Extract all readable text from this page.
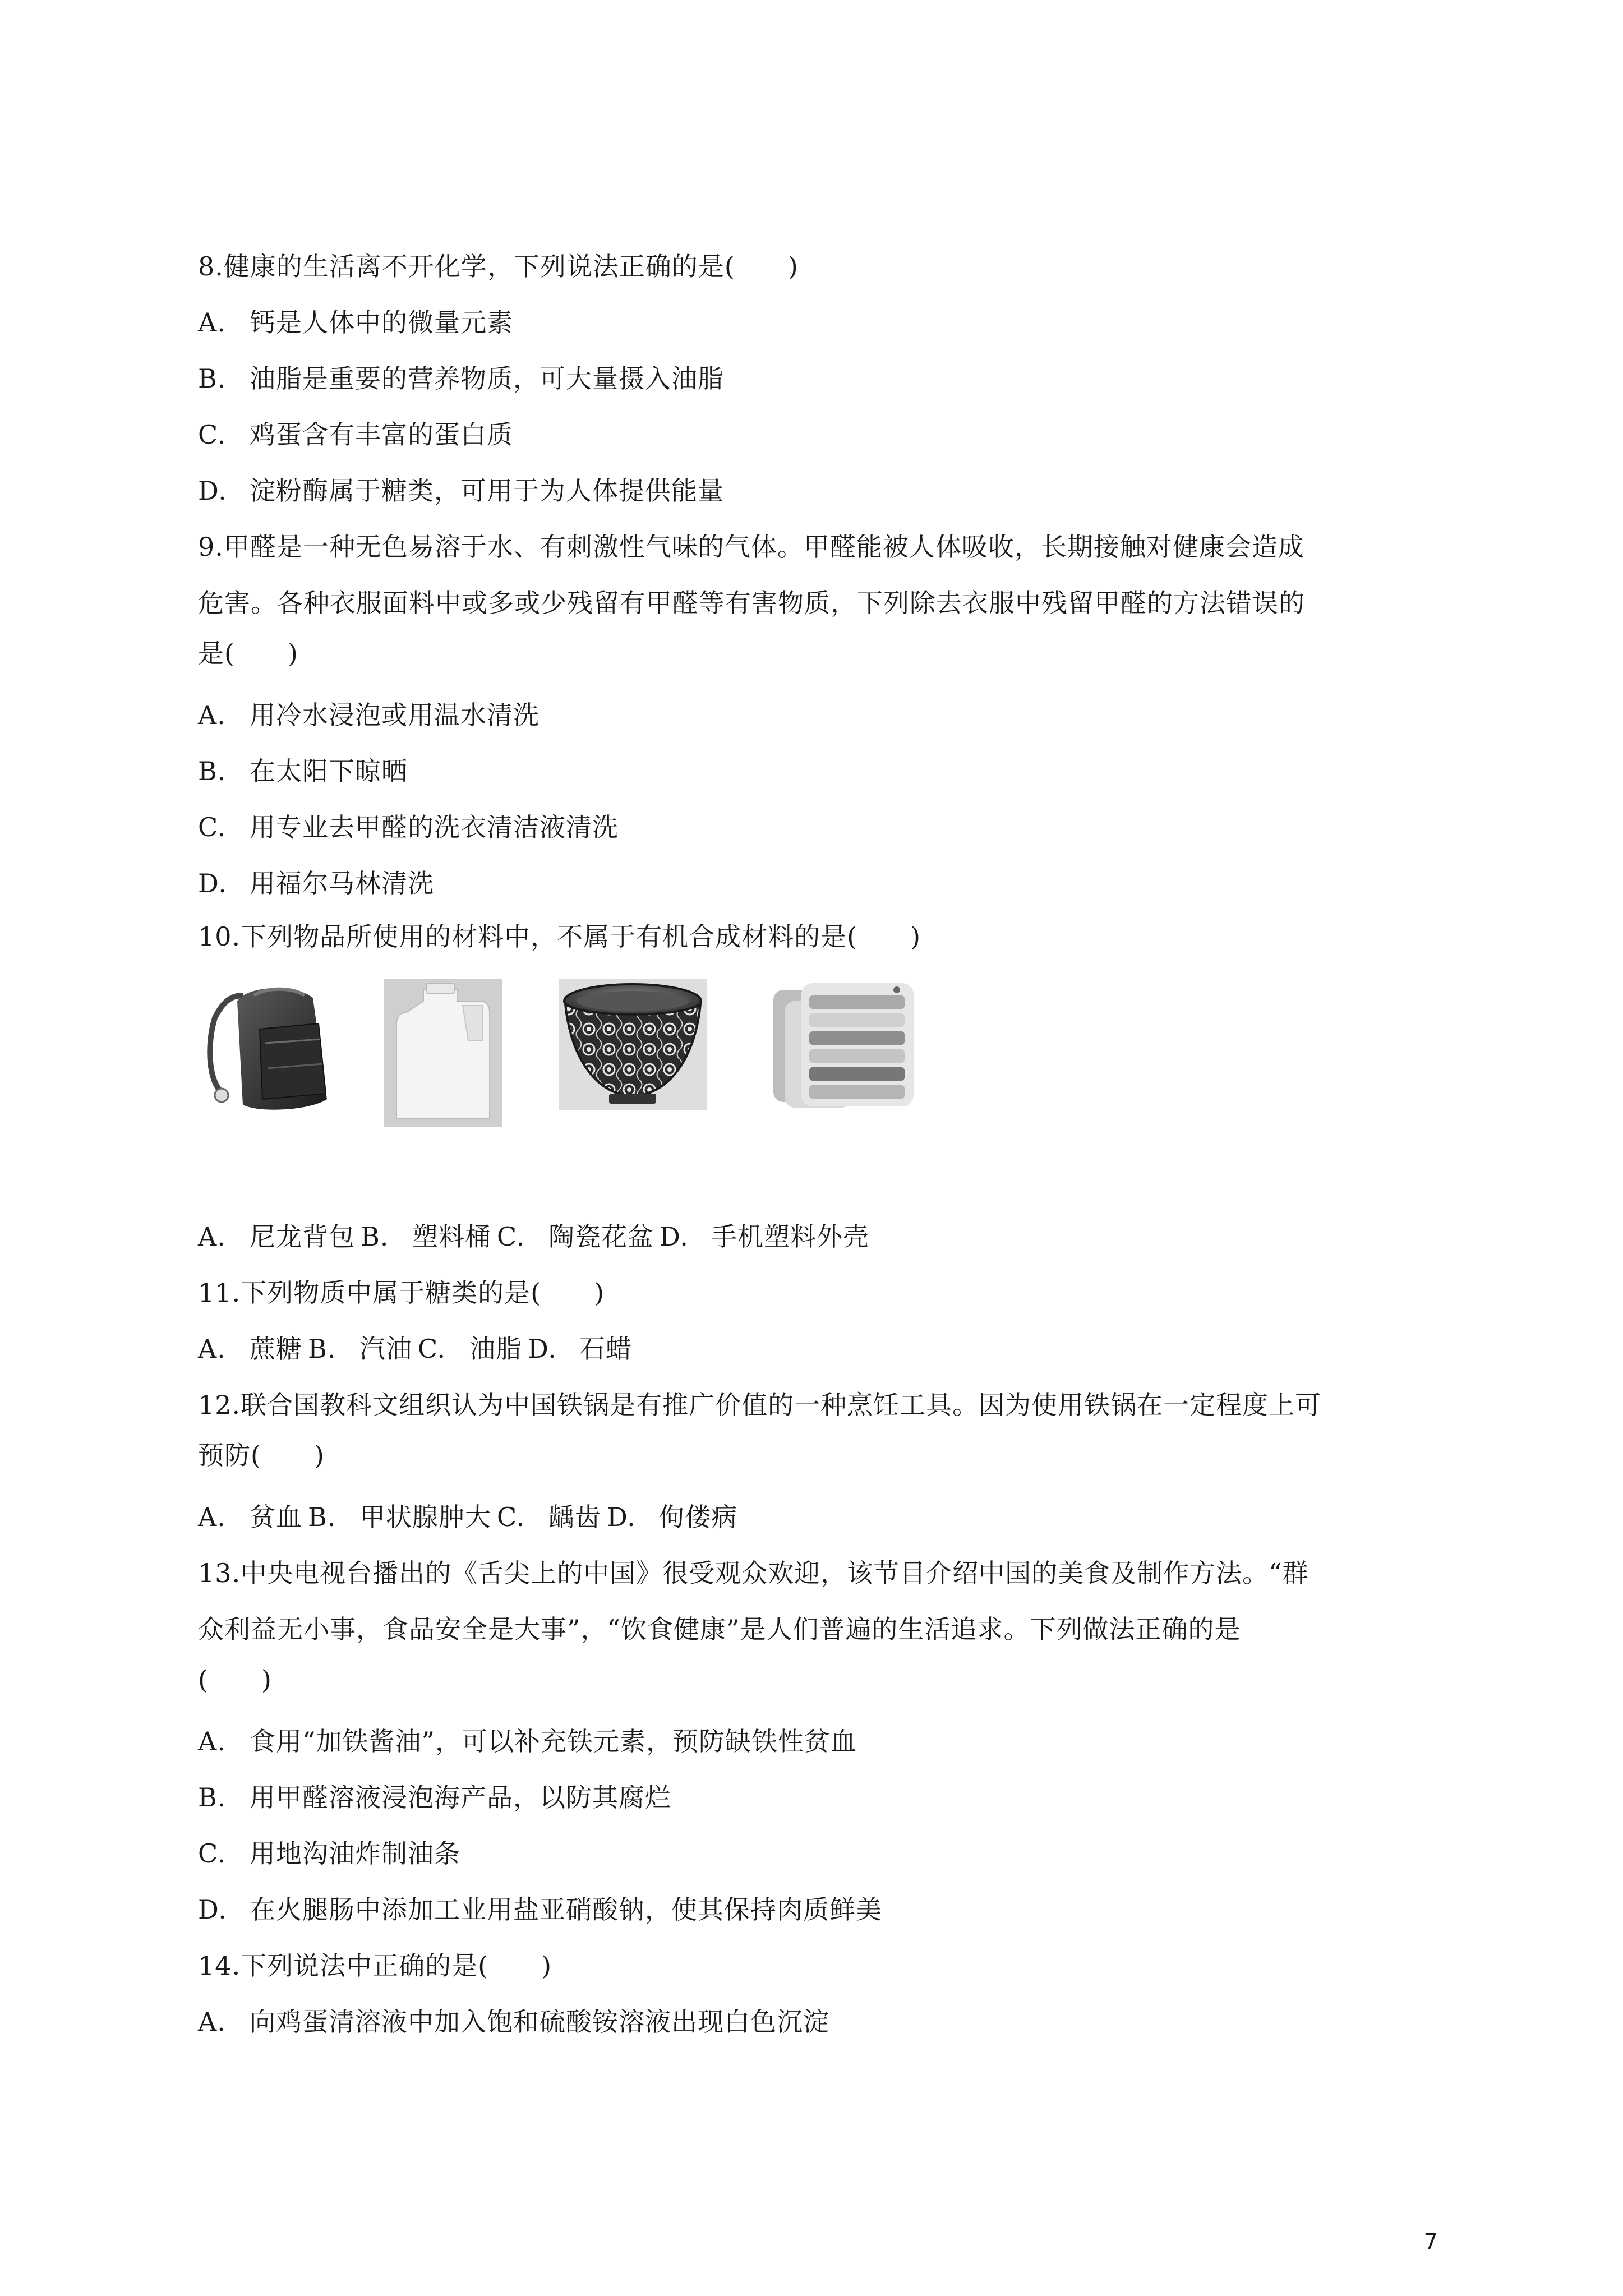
8.健康的生活离不开化学，下列说法正确的是(　　)
A. 钙是人体中的微量元素
B. 油脂是重要的营养物质，可大量摄入油脂
C. 鸡蛋含有丰富的蛋白质
D. 淀粉酶属于糖类，可用于为人体提供能量
9.甲醛是一种无色易溶于水、有刺激性气味的气体。甲醛能被人体吸收，长期接触对健康会造成
危害。各种衣服面料中或多或少残留有甲醛等有害物质，下列除去衣服中残留甲醛的方法错误的
是(　　)
A. 用冷水浸泡或用温水清洗
B. 在太阳下晾晒
C. 用专业去甲醛的洗衣清洁液清洗
D. 用福尔马林清洗
10.下列物品所使用的材料中，不属于有机合成材料的是(　　)
A. 尼龙背包 B. 塑料桶 C. 陶瓷花盆 D. 手机塑料外壳
11.下列物质中属于糖类的是(　　)
A. 蔗糖 B. 汽油 C. 油脂 D. 石蜡
12.联合国教科文组织认为中国铁锅是有推广价值的一种烹饪工具。因为使用铁锅在一定程度上可
预防(　　)
A. 贫血 B. 甲状腺肿大 C. 龋齿 D. 佝偻病
13.中央电视台播出的《舌尖上的中国》很受观众欢迎，该节目介绍中国的美食及制作方法。“群
众利益无小事，食品安全是大事”，“饮食健康”是人们普遍的生活追求。下列做法正确的是
(　　)
A. 食用“加铁酱油”，可以补充铁元素，预防缺铁性贫血
B. 用甲醛溶液浸泡海产品，以防其腐烂
C. 用地沟油炸制油条
D. 在火腿肠中添加工业用盐亚硝酸钠，使其保持肉质鲜美
14.下列说法中正确的是(　　)
A. 向鸡蛋清溶液中加入饱和硫酸铵溶液出现白色沉淀
7
